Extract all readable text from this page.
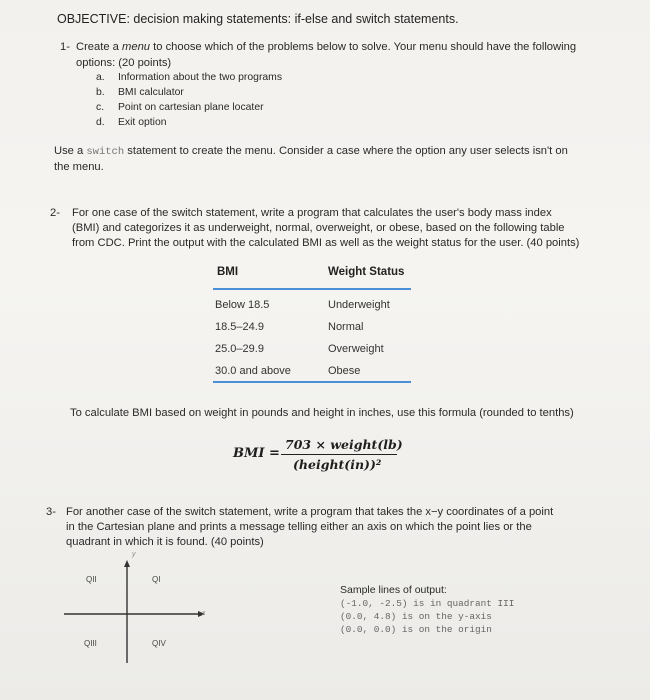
OBJECTIVE: decision making statements: if-else and switch statements.
1- Create a menu to choose which of the problems below to solve. Your menu should have the following
options: (20 points)
a. Information about the two programs
b. BMI calculator
c. Point on cartesian plane locater
d. Exit option
Use a switch statement to create the menu. Consider a case where the option any user selects isn't on
the menu.
2- For one case of the switch statement, write a program that calculates the user's body mass index
(BMI) and categorizes it as underweight, normal, overweight, or obese, based on the following table
from CDC. Print the output with the calculated BMI as well as the weight status for the user. (40 points)
BMI	Weight Status
Below 18.5	Underweight
18.5–24.9	Normal
25.0–29.9	Overweight
30.0 and above	Obese
To calculate BMI based on weight in pounds and height in inches, use this formula (rounded to tenths)
BMI =
703 × weight(lb)
(height(in))²
3- For another case of the switch statement, write a program that takes the x−y coordinates of a point
in the Cartesian plane and prints a message telling either an axis on which the point lies or the
quadrant in which it is found. (40 points)
y
x
QII	QI
QIII	QIV
Sample lines of output:
(-1.0, -2.5) is in quadrant III
(0.0, 4.8) is on the y-axis
(0.0, 0.0) is on the origin
